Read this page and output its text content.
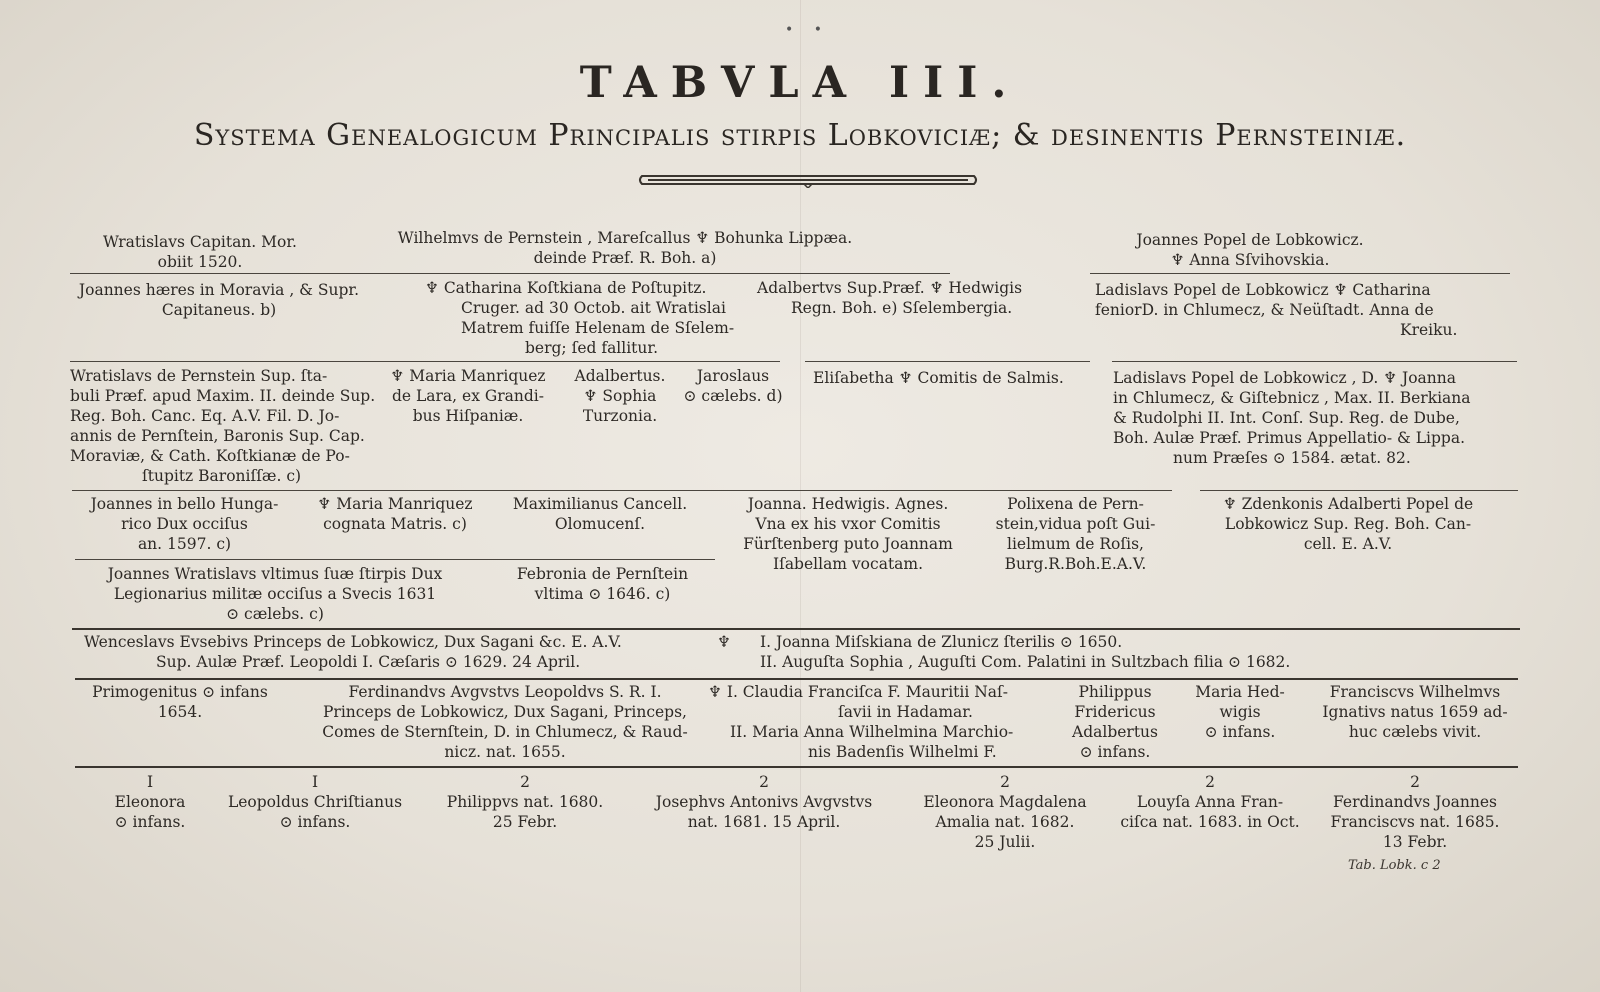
• •
TABVLA III.
Systema Genealogicum Principalis ſtirpis Lobkoviciæ; & deſinentis Pernsteiniæ.
Wratislavs Capitan. Mor.
obiit 1520.
Wilhelmvs de Pernstein , Mareſcallus ♆ Bohunka Lippæa.
deinde Præf. R. Boh. a)
Joannes Popel de Lobkowicz.
♆ Anna Sſvihovskia.
Joannes hæres in Moravia , & Supr.
Capitaneus. b)
♆ Catharina Koſtkiana de Poſtupitz.
Cruger. ad 30 Octob. ait Wratislai
Matrem fuiſſe Helenam de Sſelem-
berg; ſed fallitur.
Adalbertvs Sup.Præf. ♆ Hedwigis
Regn. Boh. e) Sſelembergia.
Ladislavs Popel de Lobkowicz ♆ Catharina
feniorD. in Chlumecz, & Neüſtadt. Anna de
Kreiku.
Wratislavs de Pernstein Sup. ſta-
buli Præf. apud Maxim. II. deinde Sup.
Reg. Boh. Canc. Eq. A.V. Fil. D. Jo-
annis de Pernſtein, Baronis Sup. Cap.
Moraviæ, & Cath. Koſtkianæ de Po-
ſtupitz Baroniſſæ. c)
♆ Maria Manriquez
de Lara, ex Grandi-
bus Hiſpaniæ.
Adalbertus.
♆ Sophia
Turzonia.
Jaroslaus
⊙ cælebs. d)
Eliſabetha ♆ Comitis de Salmis.	Ladislavs Popel de Lobkowicz , D. ♆ Joanna
in Chlumecz, & Giſtebnicz , Max. II. Berkiana
& Rudolphi II. Int. Conſ. Sup. Reg. de Dube,
Boh. Aulæ Præf. Primus Appellatio- & Lippa.
num Præſes ⊙ 1584. ætat. 82.
Joannes in bello Hunga-
rico Dux occiſus
an. 1597. c)
♆ Maria Manriquez
cognata Matris. c)
Maximilianus Cancell.
Olomucenſ.
Joanna. Hedwigis. Agnes.
Vna ex his vxor Comitis
Fürſtenberg puto Joannam
Iſabellam vocatam.
Polixena de Pern-
stein,vidua poſt Gui-
lielmum de Roſis,
Burg.R.Boh.E.A.V.
♆ Zdenkonis Adalberti Popel de
Lobkowicz Sup. Reg. Boh. Can-
cell. E. A.V.
Joannes Wratislavs vltimus ſuæ ſtirpis Dux
Legionarius militæ occiſus a Svecis 1631
⊙ cælebs. c)
Febronia de Pernſtein
vltima ⊙ 1646. c)
Wenceslavs Evsebivs Princeps de Lobkowicz, Dux Sagani &c. E. A.V.
Sup. Aulæ Præf. Leopoldi I. Cæſaris ⊙ 1629. 24 April.
♆	I. Joanna Miſskiana de Zlunicz ſterilis ⊙ 1650.
II. Auguſta Sophia , Auguſti Com. Palatini in Sultzbach filia ⊙ 1682.
Primogenitus ⊙ infans
1654.
Ferdinandvs Avgvstvs Leopoldvs S. R. I.
Princeps de Lobkowicz, Dux Sagani, Princeps,
Comes de Sternſtein, D. in Chlumecz, & Raud-
nicz. nat. 1655.
♆ I. Claudia Franciſca F. Mauritii Naſ-
ſavii in Hadamar.
II. Maria Anna Wilhelmina Marchio-
nis Badenſis Wilhelmi F.
Philippus
Fridericus
Adalbertus
⊙ infans.
Maria Hed-
wigis
⊙ infans.
Franciscvs Wilhelmvs
Ignativs natus 1659 ad-
huc cælebs vivit.
I
Eleonora
⊙ infans.
I
Leopoldus Chriſtianus
⊙ infans.
2
Philippvs nat. 1680.
25 Febr.
2
Josephvs Antonivs Avgvstvs
nat. 1681. 15 April.
2
Eleonora Magdalena
Amalia nat. 1682.
25 Julii.
2
Louyſa Anna Fran-
ciſca nat. 1683. in Oct.
2
Ferdinandvs Joannes
Franciscvs nat. 1685.
13 Febr.
Tab. Lobk. c 2
